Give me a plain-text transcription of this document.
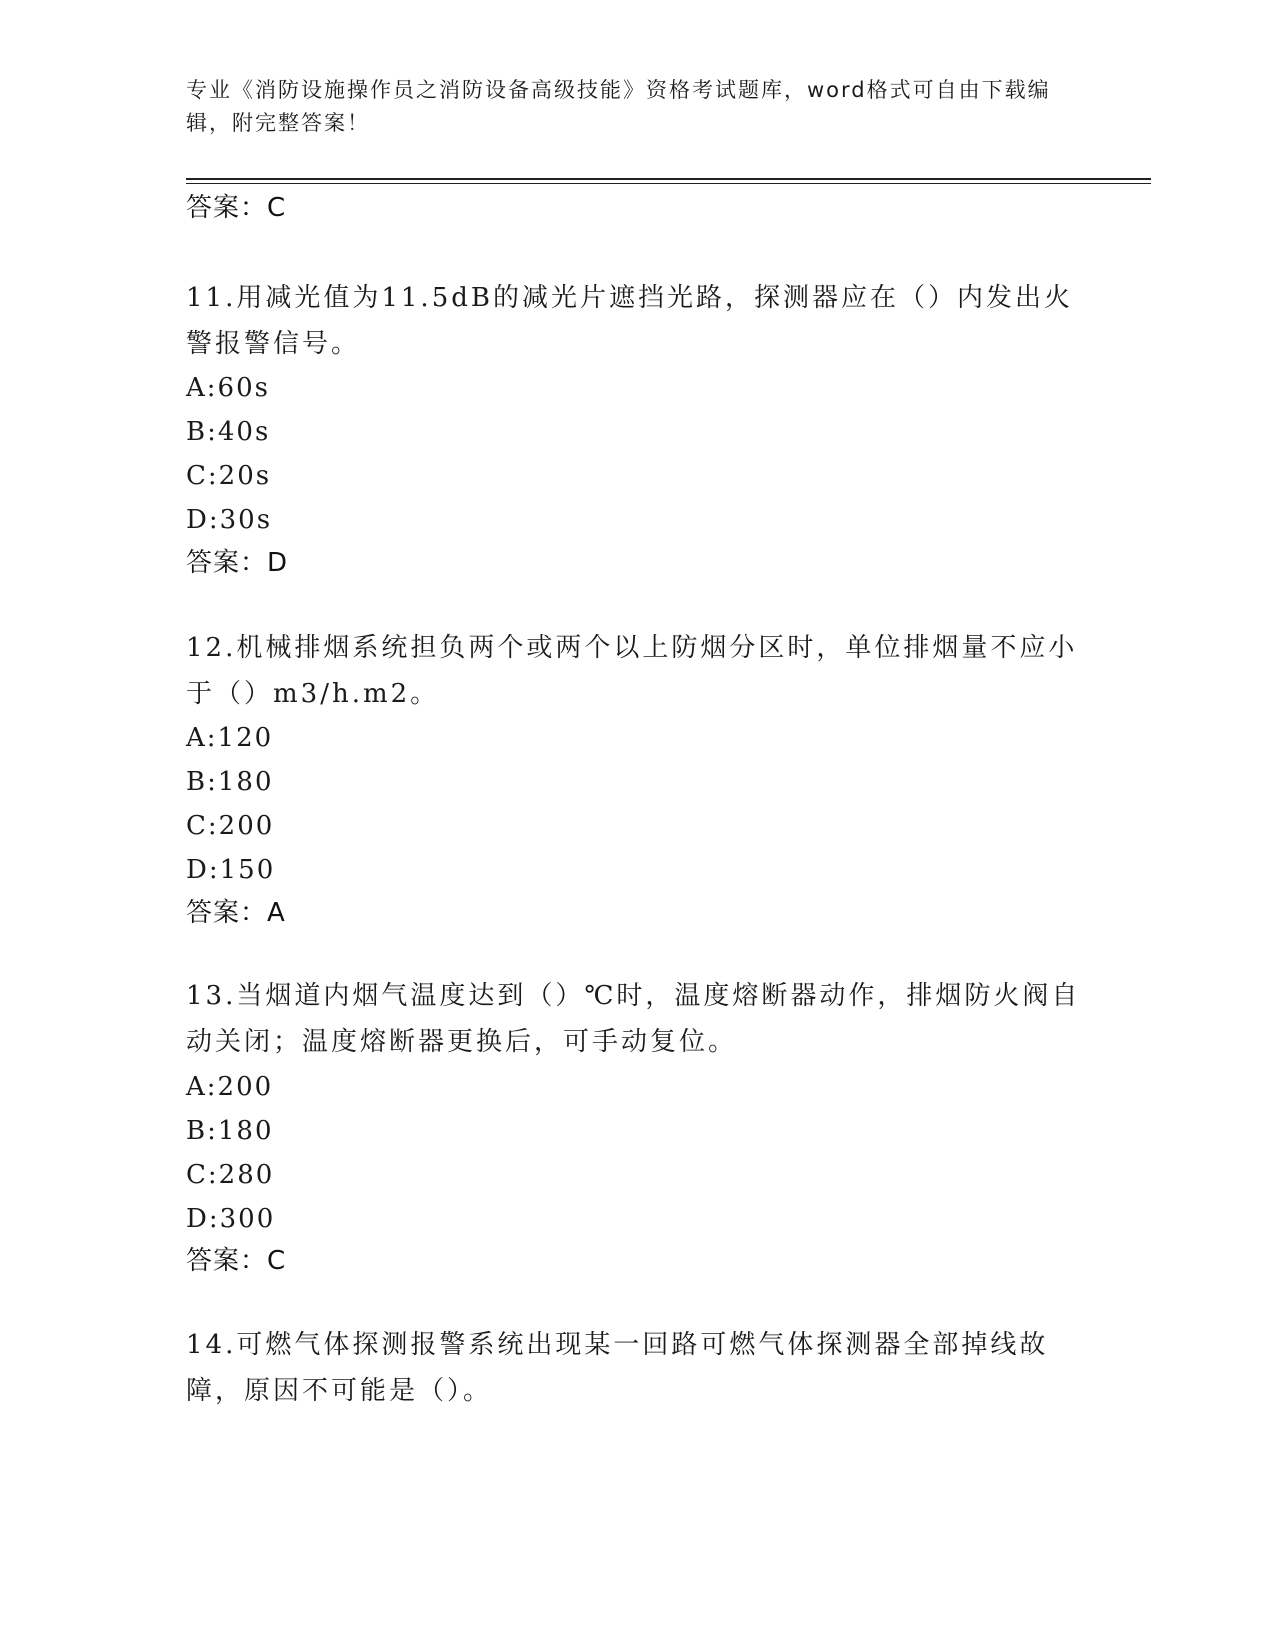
专业《消防设施操作员之消防设备高级技能》资格考试题库，word格式可自由下载编辑，附完整答案！
答案：C
11.用减光值为11.5dB的减光片遮挡光路，探测器应在（）内发出火警报警信号。
A:60s
B:40s
C:20s
D:30s
答案：D
12.机械排烟系统担负两个或两个以上防烟分区时，单位排烟量不应小于（）m3/h.m2。
A:120
B:180
C:200
D:150
答案：A
13.当烟道内烟气温度达到（）℃时，温度熔断器动作，排烟防火阀自动关闭；温度熔断器更换后，可手动复位。
A:200
B:180
C:280
D:300
答案：C
14.可燃气体探测报警系统出现某一回路可燃气体探测器全部掉线故障，原因不可能是（）。
